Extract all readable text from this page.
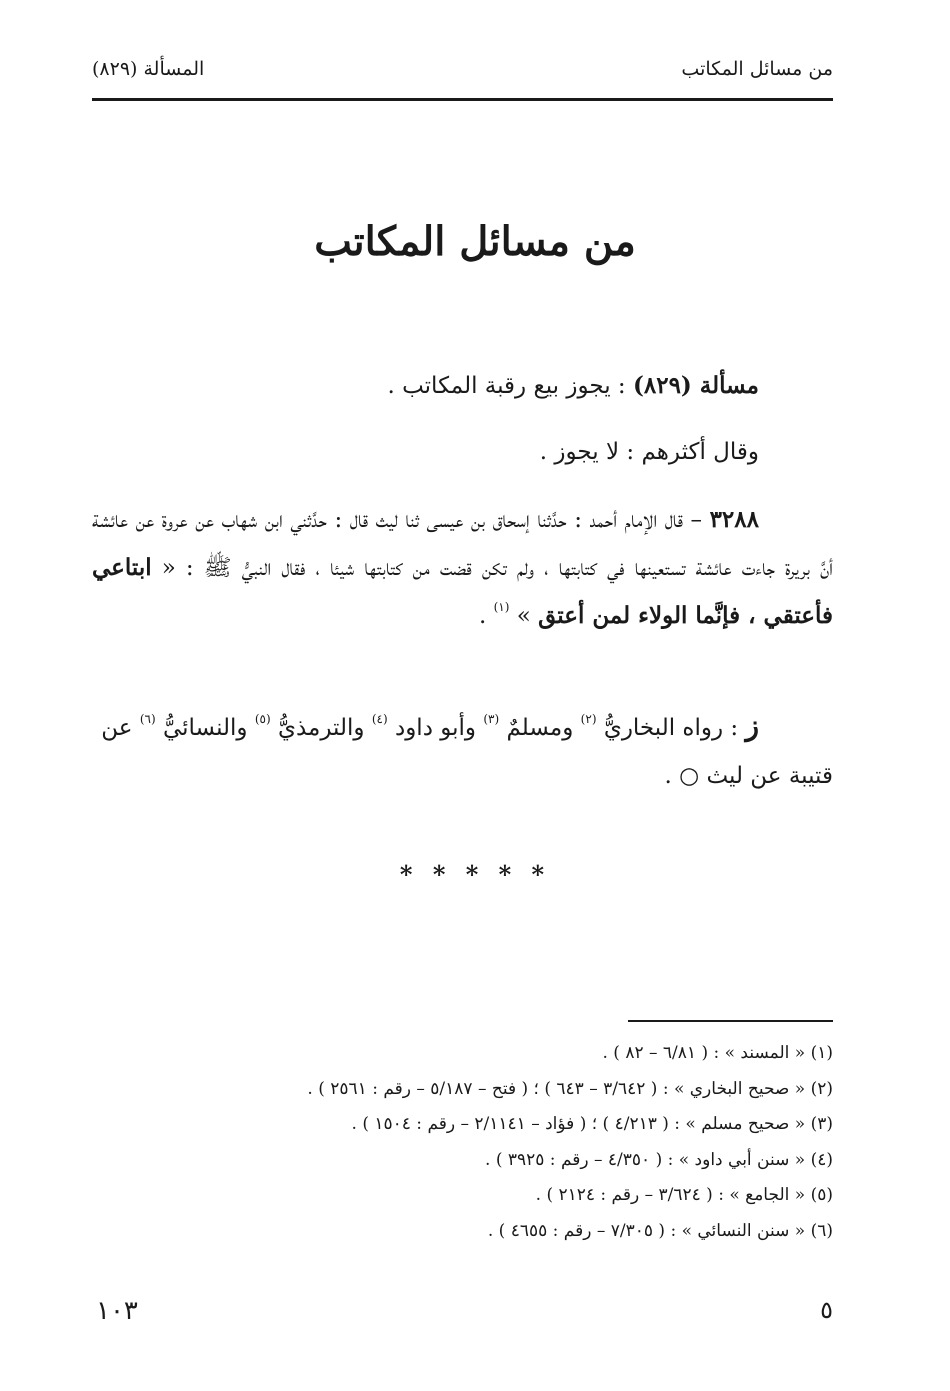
من مسائل المكاتب
المسألة (٨٢٩)
من مسائل المكاتب
مسألة (٨٢٩) : يجوز بيع رقبة المكاتب .
وقال أكثرهم : لا يجوز .
٣٢٨٨ – قال الإمام أحمد : حدَّثنا إسحاق بن عيسى ثنا ليث قال : حدَّثني ابن شهاب عن عروة عن عائشة أنَّ بريرة جاءت عائشة تستعينها في كتابتها ، ولم تكن قضت من كتابتها شيئا ، فقال النبيُّ ﷺ : « ابتاعي فأعتقي ، فإنَّما الولاء لمن أعتق » $^{(١)}$ .
ز : رواه البخاريُّ $^{(٢)}$ ومسلمٌ $^{(٣)}$ وأبو داود $^{(٤)}$ والترمذيُّ $^{(٥)}$ والنسائيُّ $^{(٦)}$ عن قتيبة عن ليث ○ .
* * * * *
(١) « المسند » : ( ٦/٨١ – ٨٢ ) .
(٢) « صحيح البخاري » : ( ٣/٦٤٢ – ٦٤٣ ) ؛ ( فتح – ٥/١٨٧ – رقم : ٢٥٦١ ) .
(٣) « صحيح مسلم » : ( ٤/٢١٣ ) ؛ ( فؤاد – ٢/١١٤١ – رقم : ١٥٠٤ ) .
(٤) « سنن أبي داود » : ( ٤/٣٥٠ – رقم : ٣٩٢٥ ) .
(٥) « الجامع » : ( ٣/٦٢٤ – رقم : ٢١٢٤ ) .
(٦) « سنن النسائي » : ( ٧/٣٠٥ – رقم : ٤٦٥٥ ) .
٥
١٠٣
